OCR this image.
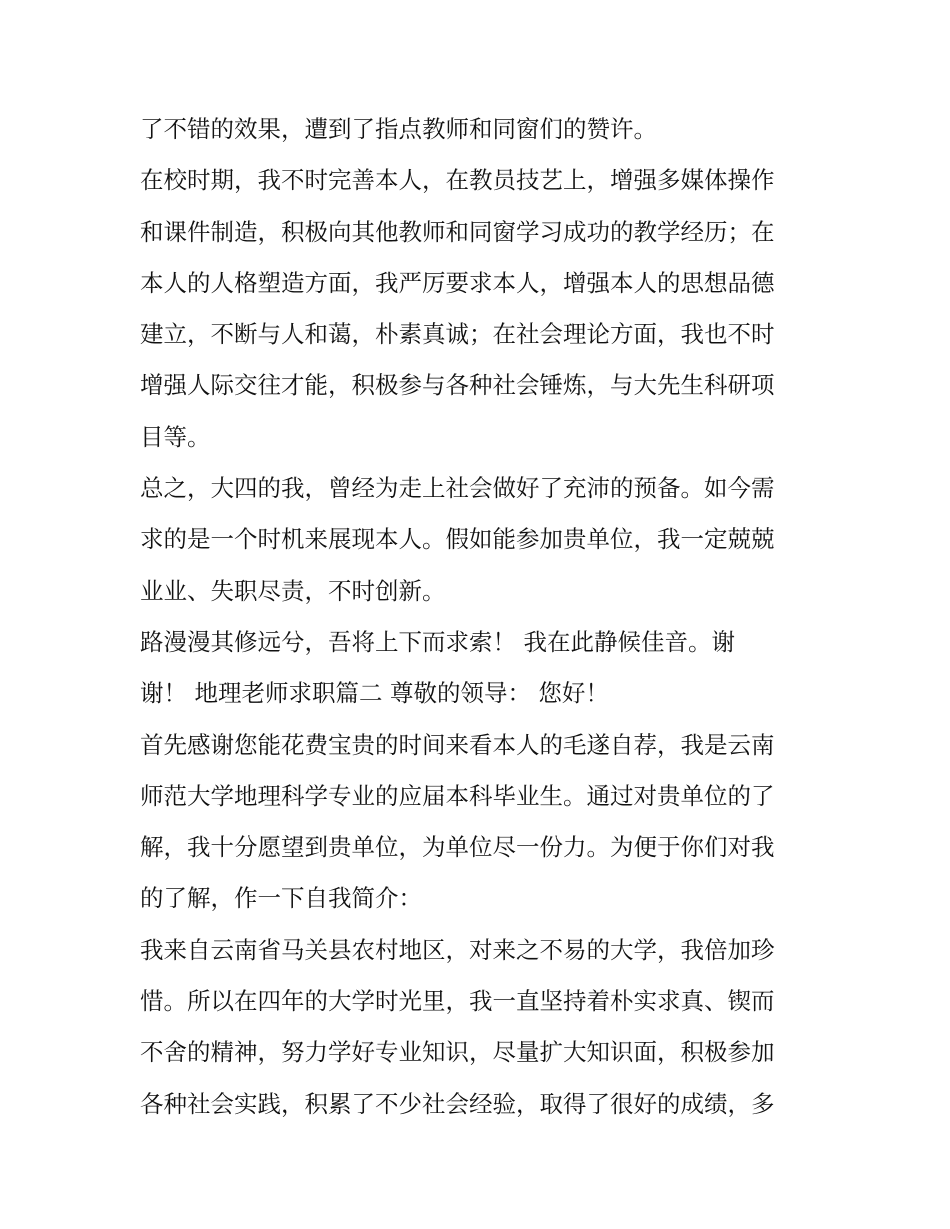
了不错的效果，遭到了指点教师和同窗们的赞许。
在校时期，我不时完善本人，在教员技艺上，增强多媒体操作
和课件制造，积极向其他教师和同窗学习成功的教学经历；在
本人的人格塑造方面，我严厉要求本人，增强本人的思想品德
建立，不断与人和蔼，朴素真诚；在社会理论方面，我也不时
增强人际交往才能，积极参与各种社会锤炼，与大先生科研项
目等。
总之，大四的我，曾经为走上社会做好了充沛的预备。如今需
求的是一个时机来展现本人。假如能参加贵单位，我一定兢兢
业业、失职尽责，不时创新。
路漫漫其修远兮，吾将上下而求索！ 我在此静候佳音。谢
谢！ 地理老师求职篇二 尊敬的领导： 您好！
首先感谢您能花费宝贵的时间来看本人的毛遂自荐，我是云南
师范大学地理科学专业的应届本科毕业生。通过对贵单位的了
解，我十分愿望到贵单位，为单位尽一份力。为便于你们对我
的了解，作一下自我简介：
我来自云南省马关县农村地区，对来之不易的大学，我倍加珍
惜。所以在四年的大学时光里，我一直坚持着朴实求真、锲而
不舍的精神，努力学好专业知识，尽量扩大知识面，积极参加
各种社会实践，积累了不少社会经验，取得了很好的成绩，多
